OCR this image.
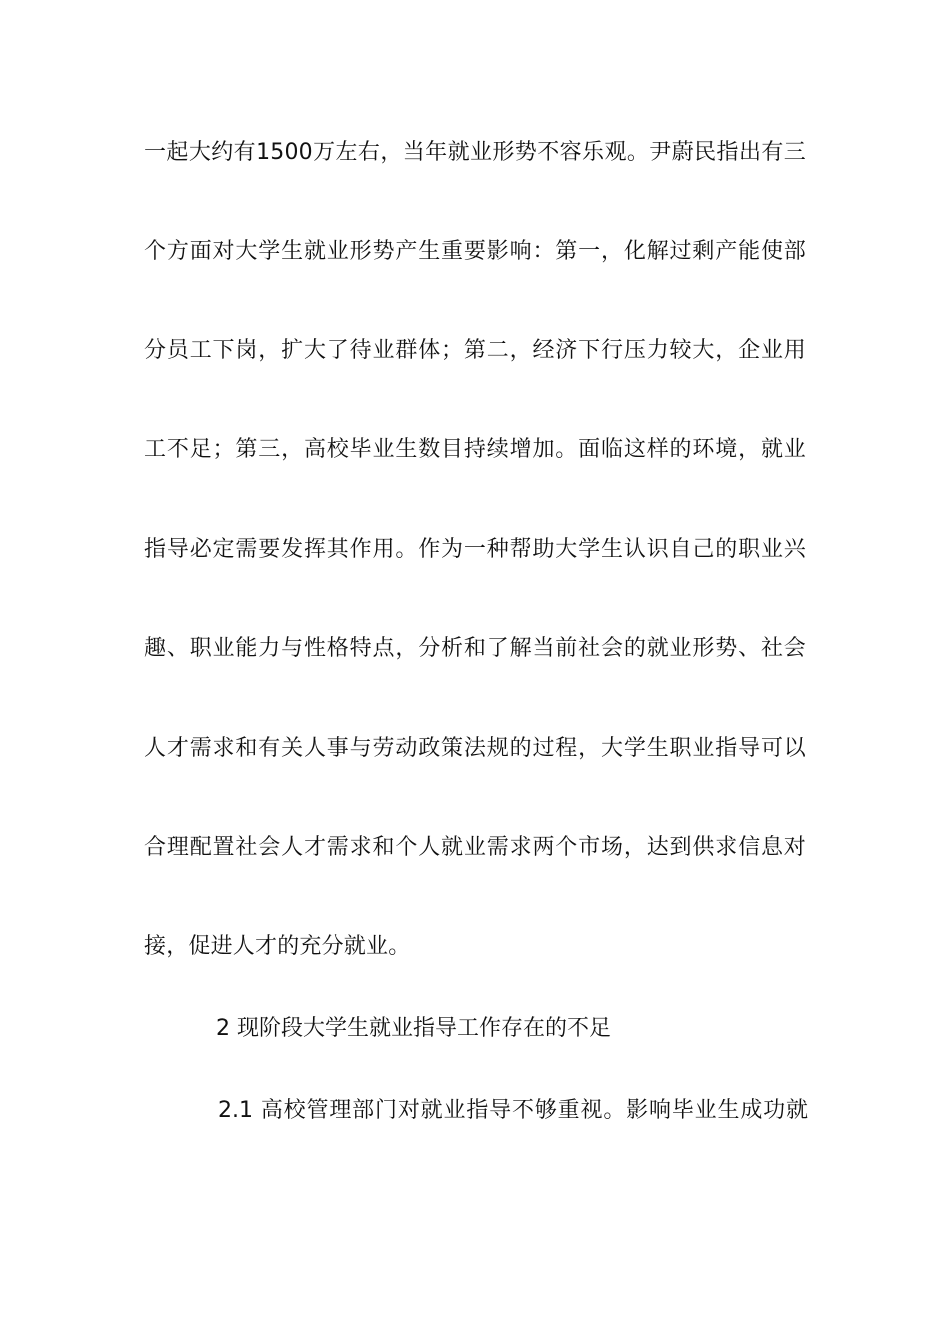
一起大约有1500万左右，当年就业形势不容乐观。尹蔚民指出有三
个方面对大学生就业形势产生重要影响：第一，化解过剩产能使部
分员工下岗，扩大了待业群体；第二，经济下行压力较大，企业用
工不足；第三，高校毕业生数目持续增加。面临这样的环境，就业
指导必定需要发挥其作用。作为一种帮助大学生认识自己的职业兴
趣、职业能力与性格特点，分析和了解当前社会的就业形势、社会
人才需求和有关人事与劳动政策法规的过程，大学生职业指导可以
合理配置社会人才需求和个人就业需求两个市场，达到供求信息对
接，促进人才的充分就业。
2 现阶段大学生就业指导工作存在的不足
2.1 高校管理部门对就业指导不够重视。影响毕业生成功就
